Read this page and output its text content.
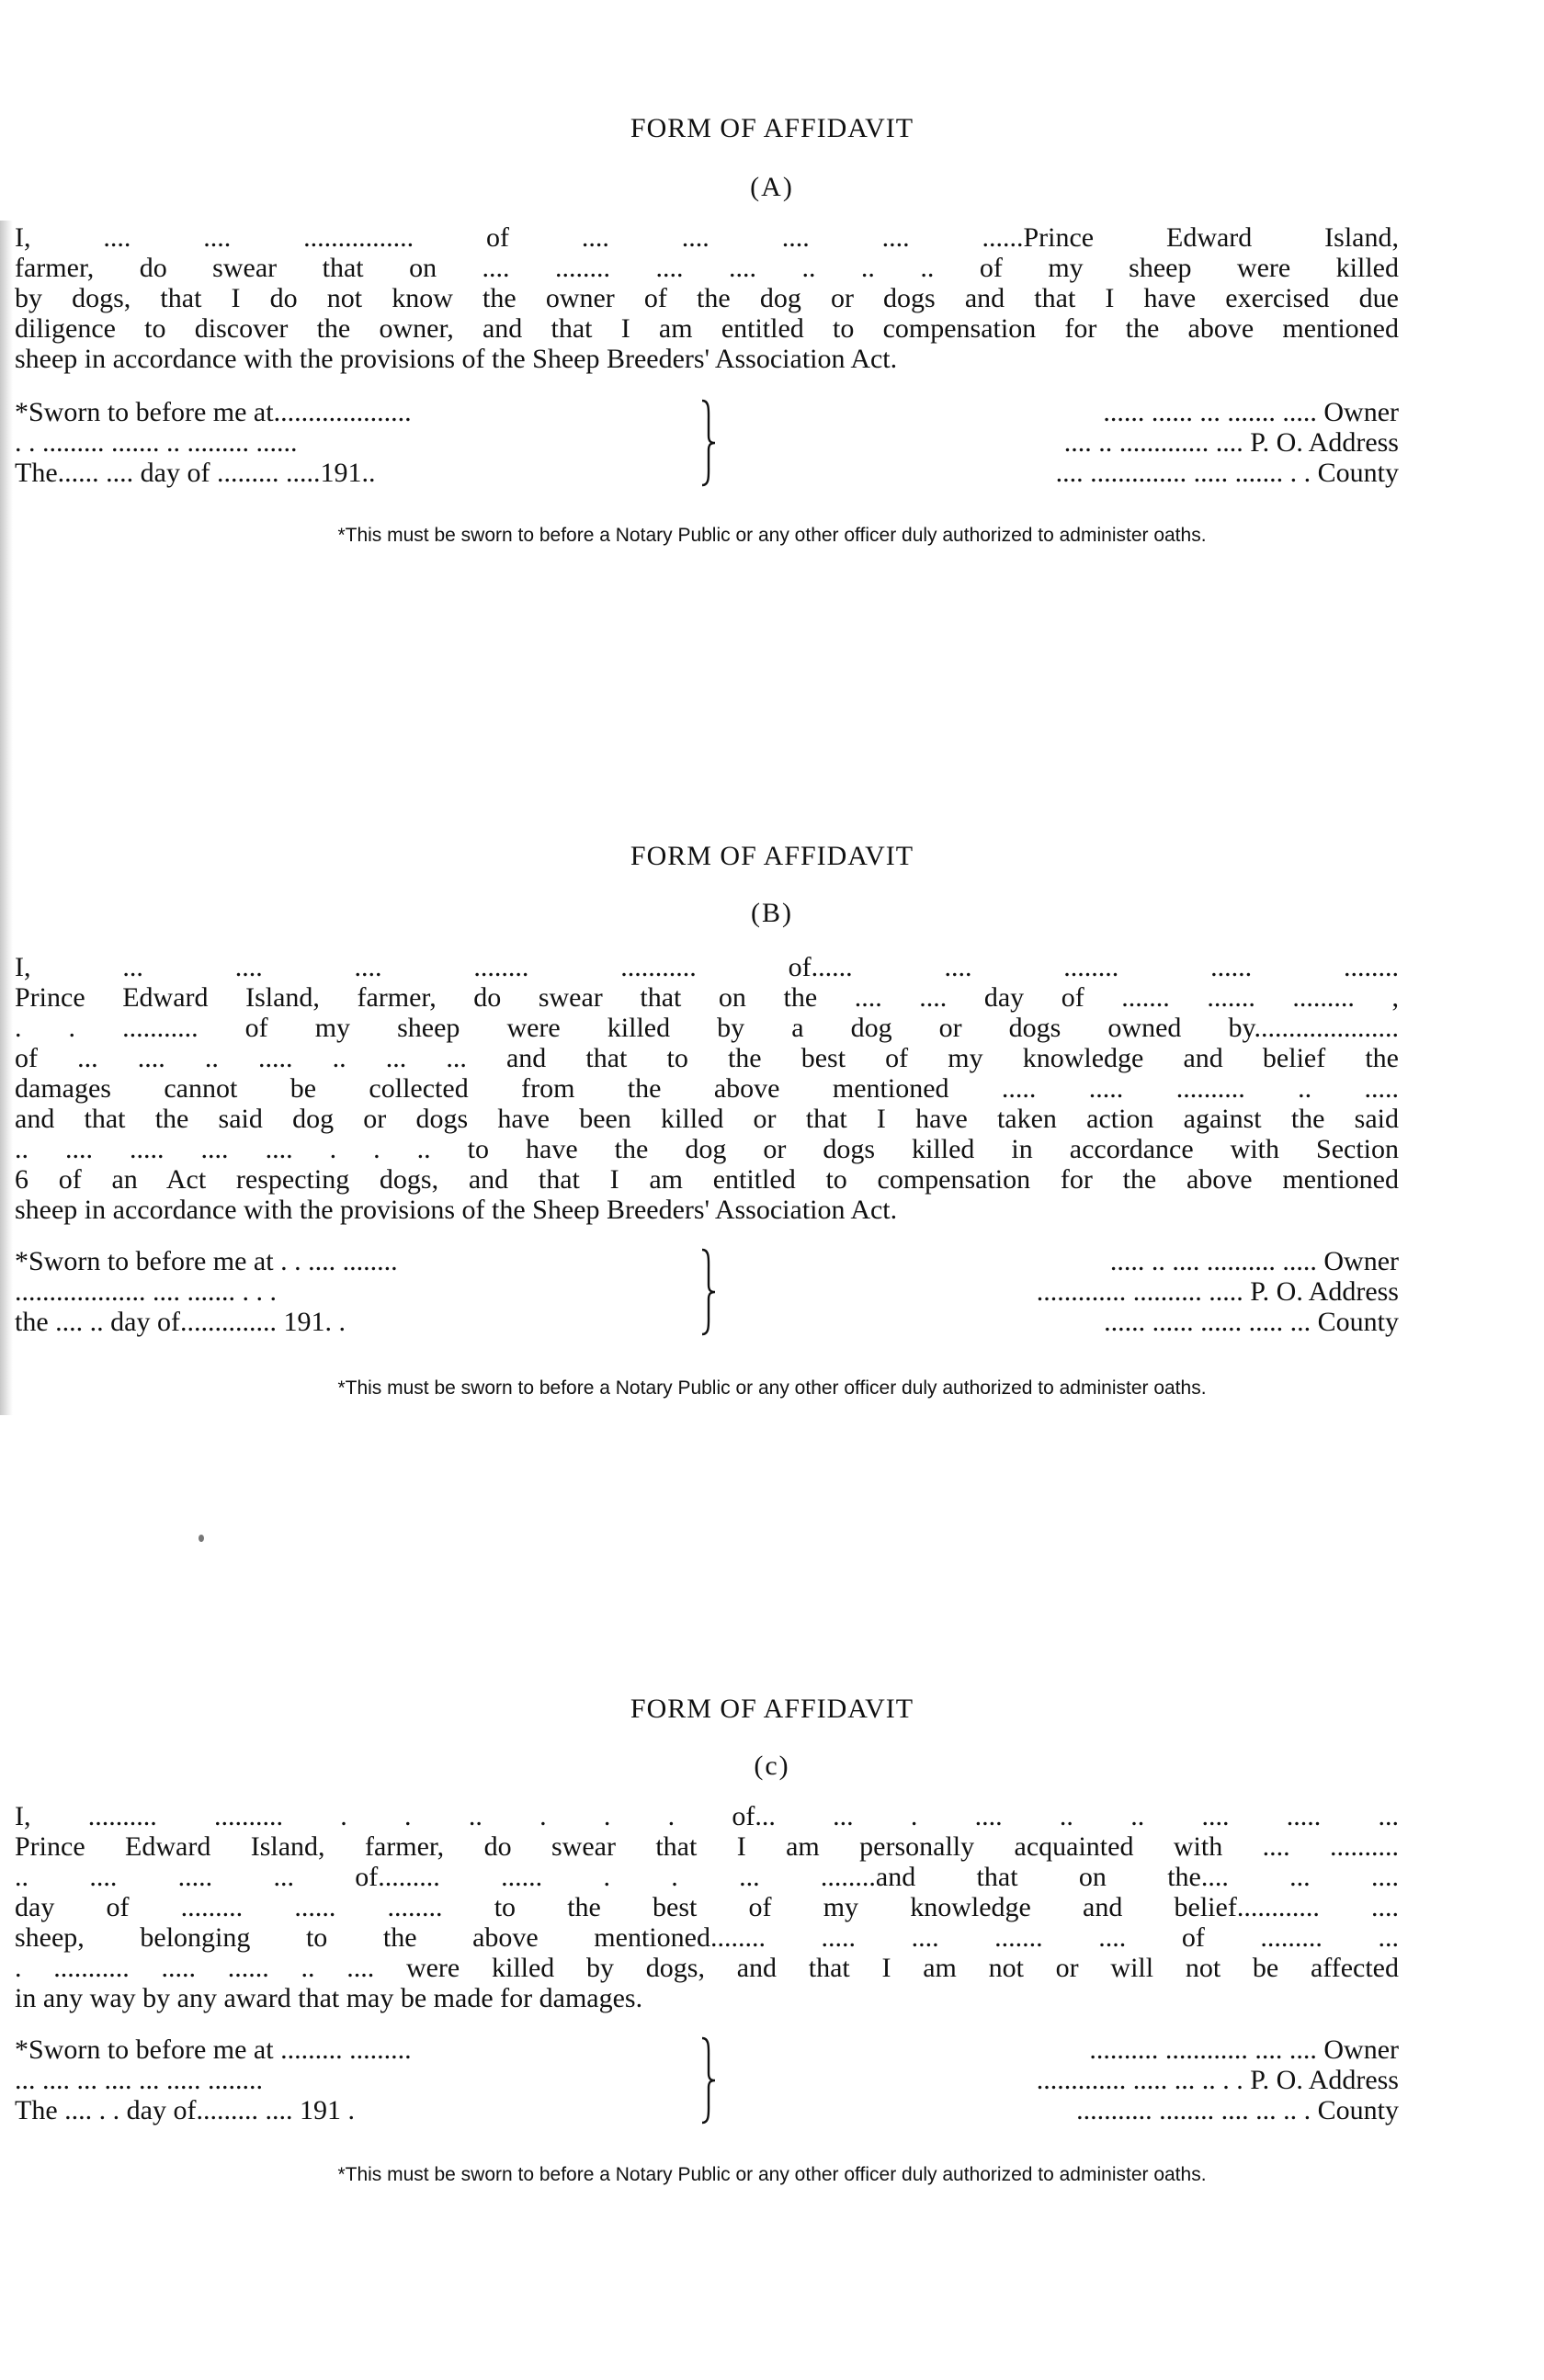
FORM OF AFFIDAVIT
(A)
I, .... .... ................ of .... .... .... .... ......Prince Edward Island,
farmer, do swear that on .... ........ .... .... .. .. .. of my sheep were killed
by dogs, that I do not know the owner of the dog or dogs and that I have exercised due
diligence to discover the owner, and that I am entitled to compensation for the above mentioned
sheep in accordance with the provisions of the Sheep Breeders' Association Act.
*Sworn to before me at....................
. . ......... ....... .. ......... ......
The...... .... day of ......... .....191..
...... ...... ... ....... ..... Owner
.... .. ............. .... P. O. Address
.... .............. ..... ....... . . County
*This must be sworn to before a Notary Public or any other officer duly authorized to administer oaths.
FORM OF AFFIDAVIT
(B)
I, ... .... .... ........ ........... of...... .... ........ ...... ........
Prince Edward Island, farmer, do swear that on the .... .... day of ....... ....... ......... ,
. . ........... of my sheep were killed by a dog or dogs owned by.....................
of ... .... .. ..... .. ... ... and that to the best of my knowledge and belief the
damages cannot be collected from the above mentioned ..... ..... .......... .. .....
and that the said dog or dogs have been killed or that I have taken action against the said
.. .... ..... .... .... . . .. to have the dog or dogs killed in accordance with Section
6 of an Act respecting dogs, and that I am entitled to compensation for the above mentioned
sheep in accordance with the provisions of the Sheep Breeders' Association Act.
*Sworn to before me at . . .... ........
................... .... ....... . . .
the .... .. day of.............. 191. .
..... .. .... .......... ..... Owner
............. .......... ..... P. O. Address
...... ...... ...... ..... ... County
*This must be sworn to before a Notary Public or any other officer duly authorized to administer oaths.
FORM OF AFFIDAVIT
(c)
I, .......... .......... . . .. . . . of... ... . .... .. .. .... ..... ...
Prince Edward Island, farmer, do swear that I am personally acquainted with .... ..........
.. .... ..... ... of......... ...... . . ... ........and that on the.... ... ....
day of ......... ...... ........ to the best of my knowledge and belief............ ....
sheep, belonging to the above mentioned........ ..... .... ....... .... of ......... ...
. ........... ..... ...... .. .... were killed by dogs, and that I am not or will not be affected
in any way by any award that may be made for damages.
*Sworn to before me at ......... .........
... .... ... .... ... ..... ........
The .... . . day of......... .... 191 .
.......... ............ .... .... Owner
............. ..... ... .. . . P. O. Address
........... ........ .... ... .. . County
*This must be sworn to before a Notary Public or any other officer duly authorized to administer oaths.
